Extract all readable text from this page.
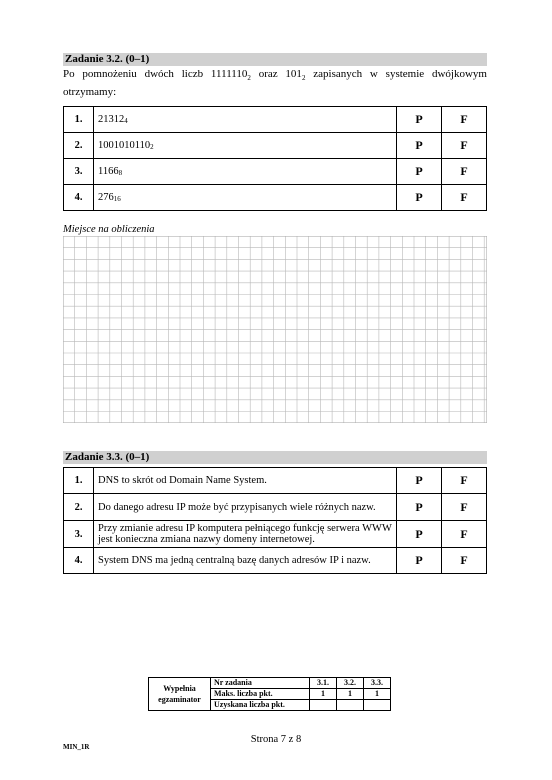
Zadanie 3.2. (0–1)
Po pomnożeniu dwóch liczb $1111110_2$ oraz $101_2$ zapisanych w systemie dwójkowym otrzymamy:
1.	$21312_4$	P	F
2.	$1001010110_2$	P	F
3.	$1166_8$	P	F
4.	$276_{16}$	P	F
Miejsce na obliczenia
Zadanie 3.3. (0–1)
1.	DNS to skrót od Domain Name System.	P	F
2.	Do danego adresu IP może być przypisanych wiele różnych nazw.	P	F
3.	Przy zmianie adresu IP komputera pełniącego funkcję serwera WWW jest konieczna zmiana nazwy domeny internetowej.	P	F
4.	System DNS ma jedną centralną bazę danych adresów IP i nazw.	P	F
Wypełnia egzaminator	Nr zadania	3.1.	3.2.	3.3.
	Maks. liczba pkt.	1	1	1
	Uzyskana liczba pkt.			
Strona 7 z 8
MIN_1R
